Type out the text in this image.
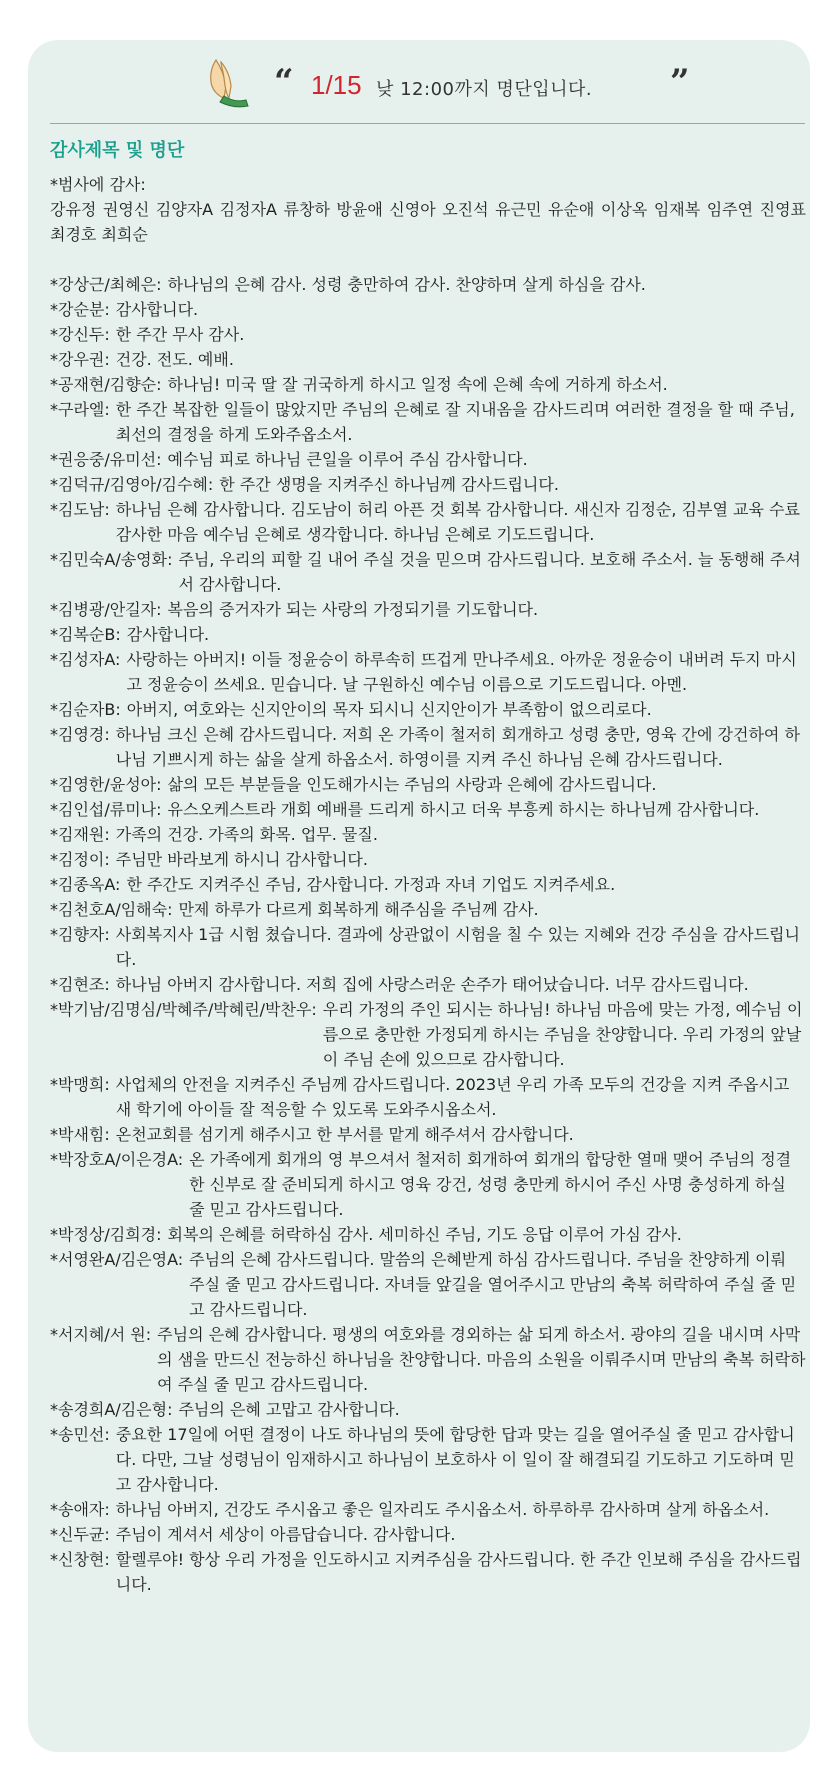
“ 1/15 낮 12:00까지 명단입니다. ”
감사제목 및 명단
*범사에 감사:
강유정 권영신 김양자A 김정자A 류창하 방윤애 신영아 오진석 유근민 유순애 이상옥 임재복 임주연 진영표 최경호 최희순
*강상근/최혜은: 하나님의 은혜 감사. 성령 충만하여 감사. 찬양하며 살게 하심을 감사.
*강순분: 감사합니다.
*강신두: 한 주간 무사 감사.
*강우권: 건강. 전도. 예배.
*공재현/김향순: 하나님! 미국 딸 잘 귀국하게 하시고 일정 속에 은혜 속에 거하게 하소서.
*구라엘: 한 주간 복잡한 일들이 많았지만 주님의 은혜로 잘 지내옴을 감사드리며 여러한 결정을 할 때 주님, 최선의 결정을 하게 도와주옵소서.
*권응중/유미선: 예수님 피로 하나님 큰일을 이루어 주심 감사합니다.
*김덕규/김영아/김수혜: 한 주간 생명을 지켜주신 하나님께 감사드립니다.
*김도남: 하나님 은혜 감사합니다. 김도남이 허리 아픈 것 회복 감사합니다. 새신자 김정순, 김부열 교육 수료 감사한 마음 예수님 은혜로 생각합니다. 하나님 은혜로 기도드립니다.
*김민숙A/송영화: 주님, 우리의 피할 길 내어 주실 것을 믿으며 감사드립니다. 보호해 주소서. 늘 동행해 주셔서 감사합니다.
*김병광/안길자: 복음의 증거자가 되는 사랑의 가정되기를 기도합니다.
*김복순B: 감사합니다.
*김성자A: 사랑하는 아버지! 이들 정윤승이 하루속히 뜨겁게 만나주세요. 아까운 정윤승이 내버려 두지 마시고 정윤승이 쓰세요. 믿습니다. 날 구원하신 예수님 이름으로 기도드립니다. 아멘.
*김순자B: 아버지, 여호와는 신지안이의 목자 되시니 신지안이가 부족함이 없으리로다.
*김영경: 하나님 크신 은혜 감사드립니다. 저희 온 가족이 철저히 회개하고 성령 충만, 영육 간에 강건하여 하나님 기쁘시게 하는 삶을 살게 하옵소서. 하영이를 지켜 주신 하나님 은혜 감사드립니다.
*김영한/윤성아: 삶의 모든 부분들을 인도해가시는 주님의 사랑과 은혜에 감사드립니다.
*김인섭/류미나: 유스오케스트라 개회 예배를 드리게 하시고 더욱 부흥케 하시는 하나님께 감사합니다.
*김재원: 가족의 건강. 가족의 화목. 업무. 물질.
*김정이: 주님만 바라보게 하시니 감사합니다.
*김종옥A: 한 주간도 지켜주신 주님, 감사합니다. 가정과 자녀 기업도 지켜주세요.
*김천호A/임해숙: 만제 하루가 다르게 회복하게 해주심을 주님께 감사.
*김향자: 사회복지사 1급 시험 쳤습니다. 결과에 상관없이 시험을 칠 수 있는 지혜와 건강 주심을 감사드립니다.
*김현조: 하나님 아버지 감사합니다. 저희 집에 사랑스러운 손주가 태어났습니다. 너무 감사드립니다.
*박기남/김명심/박혜주/박혜린/박찬우: 우리 가정의 주인 되시는 하나님! 하나님 마음에 맞는 가정, 예수님 이름으로 충만한 가정되게 하시는 주님을 찬양합니다. 우리 가정의 앞날이 주님 손에 있으므로 감사합니다.
*박맹희: 사업체의 안전을 지켜주신 주님께 감사드립니다. 2023년 우리 가족 모두의 건강을 지켜 주옵시고 새 학기에 아이들 잘 적응할 수 있도록 도와주시옵소서.
*박새힘: 온천교회를 섬기게 해주시고 한 부서를 맡게 해주셔서 감사합니다.
*박장호A/이은경A: 온 가족에게 회개의 영 부으셔서 철저히 회개하여 회개의 합당한 열매 맺어 주님의 정결한 신부로 잘 준비되게 하시고 영육 강건, 성령 충만케 하시어 주신 사명 충성하게 하실 줄 믿고 감사드립니다.
*박정상/김희경: 회복의 은혜를 허락하심 감사. 세미하신 주님, 기도 응답 이루어 가심 감사.
*서영완A/김은영A: 주님의 은혜 감사드립니다. 말씀의 은혜받게 하심 감사드립니다. 주님을 찬양하게 이뤄 주실 줄 믿고 감사드립니다. 자녀들 앞길을 열어주시고 만남의 축복 허락하여 주실 줄 믿고 감사드립니다.
*서지혜/서 원: 주님의 은혜 감사합니다. 평생의 여호와를 경외하는 삶 되게 하소서. 광야의 길을 내시며 사막의 샘을 만드신 전능하신 하나님을 찬양합니다. 마음의 소원을 이뤄주시며 만남의 축복 허락하여 주실 줄 믿고 감사드립니다.
*송경희A/김은형: 주님의 은혜 고맙고 감사합니다.
*송민선: 중요한 17일에 어떤 결정이 나도 하나님의 뜻에 합당한 답과 맞는 길을 열어주실 줄 믿고 감사합니다. 다만, 그날 성령님이 임재하시고 하나님이 보호하사 이 일이 잘 해결되길 기도하고 기도하며 믿고 감사합니다.
*송애자: 하나님 아버지, 건강도 주시옵고 좋은 일자리도 주시옵소서. 하루하루 감사하며 살게 하옵소서.
*신두균: 주님이 계셔서 세상이 아름답습니다. 감사합니다.
*신창현: 할렐루야! 항상 우리 가정을 인도하시고 지켜주심을 감사드립니다. 한 주간 인보해 주심을 감사드립니다.
